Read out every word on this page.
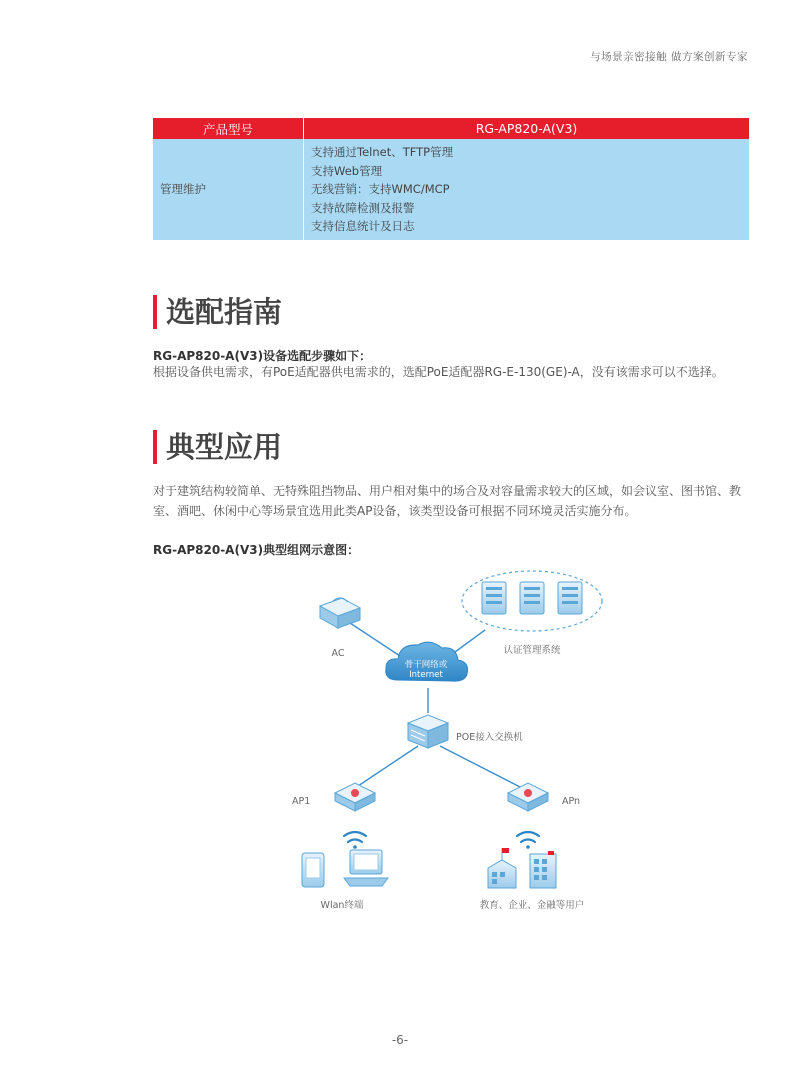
与场景亲密接触 做方案创新专家
产品型号	RG-AP820-A(V3)
管理维护	支持通过Telnet、TFTP管理
支持Web管理
无线营销：支持WMC/MCP
支持故障检测及报警
支持信息统计及日志
选配指南
RG-AP820-A(V3)设备选配步骤如下：
根据设备供电需求，有PoE适配器供电需求的，选配PoE适配器RG-E-130(GE)-A，没有该需求可以不选择。
典型应用
对于建筑结构较简单、无特殊阻挡物品、用户相对集中的场合及对容量需求较大的区域，如会议室、图书馆、教室、酒吧、休闲中心等场景宜选用此类AP设备，该类型设备可根据不同环境灵活实施分布。
RG-AP820-A(V3)典型组网示意图：
认证管理系统
AC
骨干网络或
Internet
POE接入交换机
AP1	APn
Wlan终端	教育、企业、金融等用户
-6-
